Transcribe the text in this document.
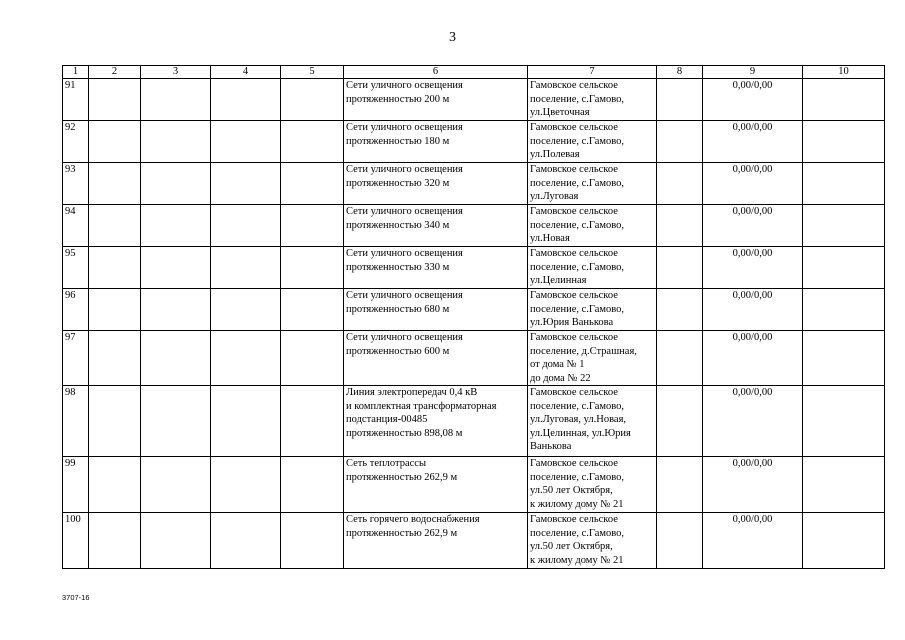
3
1	2	3	4	5	6	7	8	9	10
91					Сети уличного освещения
протяженностью 200 м	Гамовское сельское
поселение, с.Гамово,
ул.Цветочная		0,00/0,00	
92					Сети уличного освещения
протяженностью 180 м	Гамовское сельское
поселение, с.Гамово,
ул.Полевая		0,00/0,00	
93					Сети уличного освещения
протяженностью 320 м	Гамовское сельское
поселение, с.Гамово,
ул.Луговая		0,00/0,00	
94					Сети уличного освещения
протяженностью 340 м	Гамовское сельское
поселение, с.Гамово,
ул.Новая		0,00/0,00	
95					Сети уличного освещения
протяженностью 330 м	Гамовское сельское
поселение, с.Гамово,
ул.Целинная		0,00/0,00	
96					Сети уличного освещения
протяженностью 680 м	Гамовское сельское
поселение, с.Гамово,
ул.Юрия Ванькова		0,00/0,00	
97					Сети уличного освещения
протяженностью 600 м	Гамовское сельское
поселение, д.Страшная,
от дома № 1
до дома № 22		0,00/0,00	
98					Линия электропередач 0,4 кВ
и комплектная трансформаторная
подстанция-00485
протяженностью 898,08 м	Гамовское сельское
поселение, с.Гамово,
ул.Луговая, ул.Новая,
ул.Целинная, ул.Юрия
Ванькова		0,00/0,00	
99					Сеть теплотрассы
протяженностью 262,9 м	Гамовское сельское
поселение, с.Гамово,
ул.50 лет Октября,
к жилому дому № 21		0,00/0,00	
100					Сеть горячего водоснабжения
протяженностью 262,9 м	Гамовское сельское
поселение, с.Гамово,
ул.50 лет Октября,
к жилому дому № 21		0,00/0,00	
3707-16
